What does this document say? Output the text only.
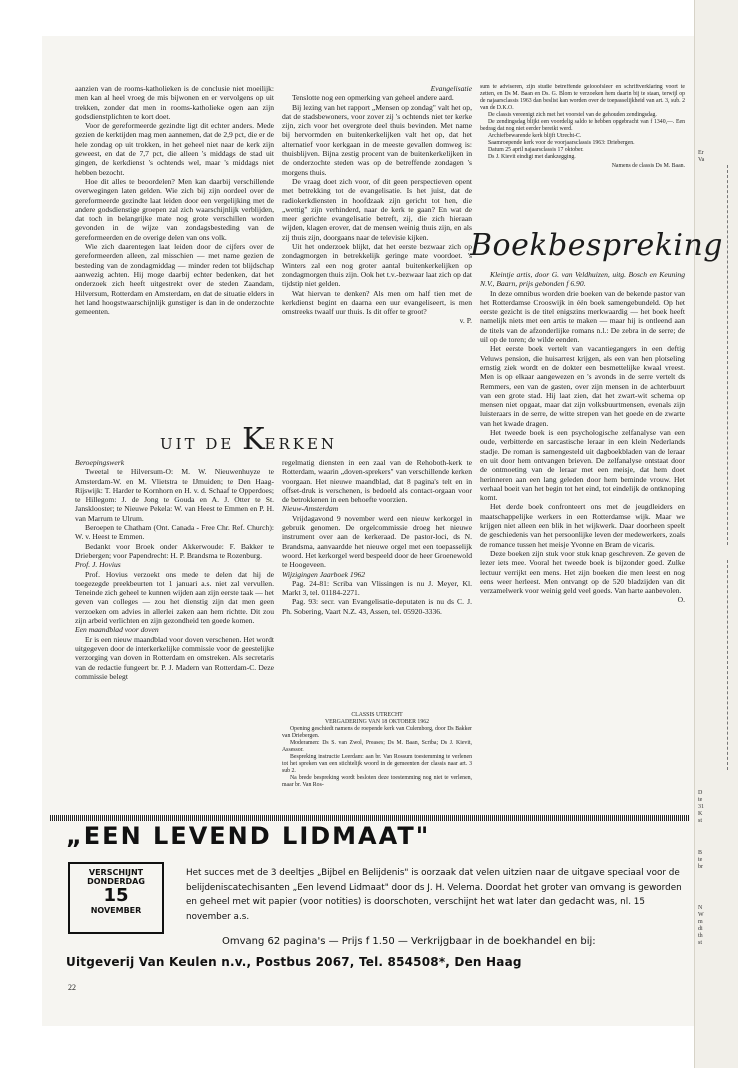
Er
Va
D
te
31
K
st
B
te
br
N
W
m
di
th
st

aanzien van de rooms-katholieken is de conclusie niet moeilijk: men kan al heel vroeg de mis bijwonen en er vervolgens op uit trekken, zonder dat men in rooms-katholieke ogen aan zijn godsdienstplichten te kort doet.

Voor de gereformeerde gezindte ligt dit echter anders. Mede gezien de kerktijden mag men aannemen, dat de 2,9 pct, die er de hele zondag op uit trokken, in het geheel niet naar de kerk zijn geweest, en dat de 7,7 pct, die alleen 's middags de stad uit gingen, de kerkdienst 's ochtends wel, maar 's middags niet hebben bezocht.

Hoe dit alles te beoordelen? Men kan daarbij verschillende overwegingen laten gelden. Wie zich bij zijn oordeel over de gereformeerde gezindte laat leiden door een vergelijking met de andere godsdienstige groepen zal zich waarschijnlijk verblijden, dat toch in belangrijke mate nog grote verschillen worden gevonden in de wijze van zondagsbesteding van de gereformeerden en de overige delen van ons volk.

Wie zich daarentegen laat leiden door de cijfers over de gereformeerden alleen, zal misschien — met name gezien de besteding van de zondagmiddag — minder reden tot blijdschap aanwezig achten. Hij moge daarbij echter bedenken, dat het onderzoek zich heeft uitgestrekt over de steden Zaandam, Hilversum, Rotterdam en Amsterdam, en dat de situatie elders in het land hoogstwaarschijnlijk gunstiger is dan in de onderzochte gemeenten.

Evangelisatie

Tenslotte nog een opmerking van geheel andere aard.

Bij lezing van het rapport „Mensen op zondag" valt het op, dat de stadsbewoners, voor zover zij 's ochtends niet ter kerke zijn, zich voor het overgrote deel thuis bevinden. Met name bij hervormden en buitenkerkelijken valt het op, dat het alternatief voor kerkgaan in de meeste gevallen domweg is: thuisblijven. Bijna zestig procent van de buitenkerkelijken in de onderzochte steden was op de betreffende zondagen 's morgens thuis.

De vraag doet zich voor, of dit geen perspectieven opent met betrekking tot de evangelisatie. Is het juist, dat de radiokerkdiensten in hoofdzaak zijn gericht tot hen, die „wettig" zijn verhinderd, naar de kerk te gaan? En wat de meer gerichte evangelisatie betreft, zij, die zich hieraan wijden, klagen erover, dat de mensen weinig thuis zijn, en als zij thuis zijn, doorgaans naar de televisie kijken.

Uit het onderzoek blijkt, dat het eerste bezwaar zich op zondagmorgen in betrekkelijk geringe mate voordoet. 's Winters zal een nog groter aantal buitenkerkelijken op zondagmorgen thuis zijn. Ook het t.v.-bezwaar laat zich op dat tijdstip niet gelden.

Wat hiervan te denken? Als men om half tien met de kerkdienst begint en daarna een uur evangeliseert, is men omstreeks twaalf uur thuis. Is dit offer te groot?

v. P.

sum te adviseren, zijn studie betreffende gelooofsleer en schriftverklaring voort te zetten, en Ds M. Baan en Ds. G. Blom te verzoeken hem daarin bij te staan, terwijl op de najaarsclassis 1963 dan beslist kan worden over de toepasselijkheid van art. 3, sub. 2 van de D.K.O.

De classis vereenigt zich met het voorstel van de gehouden zendingsdag.

De zendingsdag blijkt een voordelig saldo te hebben opgebracht van f 1340,—. Een bedrag dat nog niet eerder bereikt werd.

Archiefbewarende kerk blijft Utrecht-C.

Saamroepende kerk voor de voorjaarsclassis 1963: Driebergen.

Datum 25 april najaarsclassis 17 oktober.

Ds J. Kievit eindigt met dankzegging.

Namens de classis Ds M. Baan.

Boekbespreking

Kleintje artis, door G. van Veldhuizen, uitg. Bosch en Keuning N.V., Baarn, prijs gebonden f 6.90.

In deze omnibus worden drie boeken van de bekende pastor van het Rotterdamse Crooswijk in één boek samengebundeld. Op het eerste gezicht is de titel enigszins merkwaardig — het boek heeft namelijk niets met een artis te maken — maar hij is ontleend aan de titels van de afzonderlijke romans n.l.: De zebra in de serre; de uil op de toren; de wilde eenden.

Het eerste boek vertelt van vacantiegangers in een deftig Veluws pension, die huisarrest krijgen, als een van hen plotseling ernstig ziek wordt en de dokter een besmettelijke kwaal vreest. Men is op elkaar aangewezen en 's avonds in de serre vertelt ds Remmers, een van de gasten, over zijn mensen in de achterbuurt van een grote stad. Hij laat zien, dat het zwart-wit schema op mensen niet opgaat, maar dat zijn volksbuurtmensen, evenals zijn luisteraars in de serre, de witte strepen van het goede en de zwarte van het kwade dragen.

Het tweede boek is een psychologische zelfanalyse van een oude, verbitterde en sarcastische leraar in een klein Nederlands stadje. De roman is samengesteld uit dagboekbladen van de leraar en uit door hem ontvangen brieven. De zelfanalyse ontstaat door de ontmoeting van de leraar met een meisje, dat hem doet herinneren aan een lang geleden door hem beminde vrouw. Het verhaal boeit van het begin tot het eind, tot eindelijk de ontknoping komt.

Het derde boek confronteert ons met de jeugdleiders en maatschappelijke werkers in een Rotterdamse wijk. Maar we krijgen niet alleen een blik in het wijkwerk. Daar doorheen speelt de geschiedenis van het persoonlijke leven der medewerkers, zoals de romance tussen het meisje Yvonne en Bram de vicaris.

Deze boeken zijn stuk voor stuk knap geschreven. Ze geven de lezer iets mee. Vooral het tweede boek is bijzonder goed. Zulke lectuur verrijkt een mens. Het zijn boeken die men leest en nog eens weer herleest. Men ontvangt op de 520 bladzijden van dit verzamelwerk voor weinig geld veel goeds. Van harte aanbevolen.

O.

UIT DE KERKEN

Beroepingswerk

Tweetal te Hilversum-O: M. W. Nieuwenhuyze te Amsterdam-W. en M. Vlietstra te IJmuiden; te Den Haag-Rijswijk: T. Harder te Kornhorn en H. v. d. Schaaf te Opperdoes; te Hillegom: J. de Jong te Gouda en A. J. Otter te St. Jansklooster; te Nieuwe Pekela: W. van Heest te Emmen en P. H. van Marrum te Ulrum.

Beroepen te Chatham (Ont. Canada - Free Chr. Ref. Church): W. v. Heest te Emmen.

Bedankt voor Broek onder Akkerwoude: F. Bakker te Driebergen; voor Papendrecht: H. P. Brandsma te Rozenburg.

Prof. J. Hovius

Prof. Hovius verzoekt ons mede te delen dat hij de toegezegde preekbeurten tot 1 januari a.s. niet zal vervullen. Teneinde zich geheel te kunnen wijden aan zijn eerste taak — het geven van colleges — zou het dienstig zijn dat men geen verzoeken om advies in allerlei zaken aan hem richtte. Dit zou zijn arbeid verlichten en zijn gezondheid ten goede komen.

Een maandblad voor doven

Er is een nieuw maandblad voor doven verschenen. Het wordt uitgegeven door de interkerkelijke commissie voor de geestelijke verzorging van doven in Rotterdam en omstreken. Als secretaris van de redactie fungeert br. P. J. Madern van Rotterdam-C. Deze commissie belegt

regelmatig diensten in een zaal van de Rehoboth-kerk te Rotterdam, waarin „doven-sprekers" van verschillende kerken voorgaan. Het nieuwe maandblad, dat 8 pagina's telt en in offset-druk is verschenen, is bedoeld als contact-orgaan voor de betrokkenen in een behoefte voorzien.

Nieuw-Amsterdam

Vrijdagavond 9 november werd een nieuw kerkorgel in gebruik genomen. De orgelcommissie droeg het nieuwe instrument over aan de kerkeraad. De pastor-loci, ds N. Brandsma, aanvaardde het nieuwe orgel met een toepasselijk woord. Het kerkorgel werd bespeeld door de heer Groenewold te Hoogeveen.

Wijzigingen Jaarboek 1962

Pag. 24-81: Scriba van Vlissingen is nu J. Meyer, Kl. Markt 3, tel. 01184-2271.

Pag. 93: secr. van Evangelisatie-deputaten is nu ds C. J. Ph. Sobering, Vaart N.Z. 43, Assen, tel. 05920-3336.

CLASSIS UTRECHT

VERGADERING VAN 18 OKTOBER 1962

Opening geschiedt namens de roepende kerk van Culemborg, door Ds Bakker van Driebergen.

Moderamen: Ds S. van Zwol, Preases; Ds M. Baan, Scriba; Ds J. Kievit, Assessor.

Bespreking instructie Leerdam: aan br. Van Rossum toestemming te verlenen tot het spreken van een stichtelijk woord in de gemeenten der classis naar art. 3 sub 2.

Na brede bespreking wordt besloten deze toestemming nog niet te verlenen, maar br. Van Ros-

„EEN LEVEND LIDMAAT"
VERSCHIJNT
DONDERDAG
15
NOVEMBER
Het succes met de 3 deeltjes „Bijbel en Belijdenis" is oorzaak dat velen uitzien naar de uitgave speciaal voor de belijdeniscatechisanten „Een levend Lidmaat" door ds J. H. Velema. Doordat het groter van omvang is geworden en geheel met wit papier (voor notities) is doorschoten, verschijnt het wat later dan gedacht was, nl. 15 november a.s.
Omvang 62 pagina's — Prijs f 1.50 — Verkrijgbaar in de boekhandel en bij:
Uitgeverij Van Keulen n.v., Postbus 2067, Tel. 854508*, Den Haag
22
